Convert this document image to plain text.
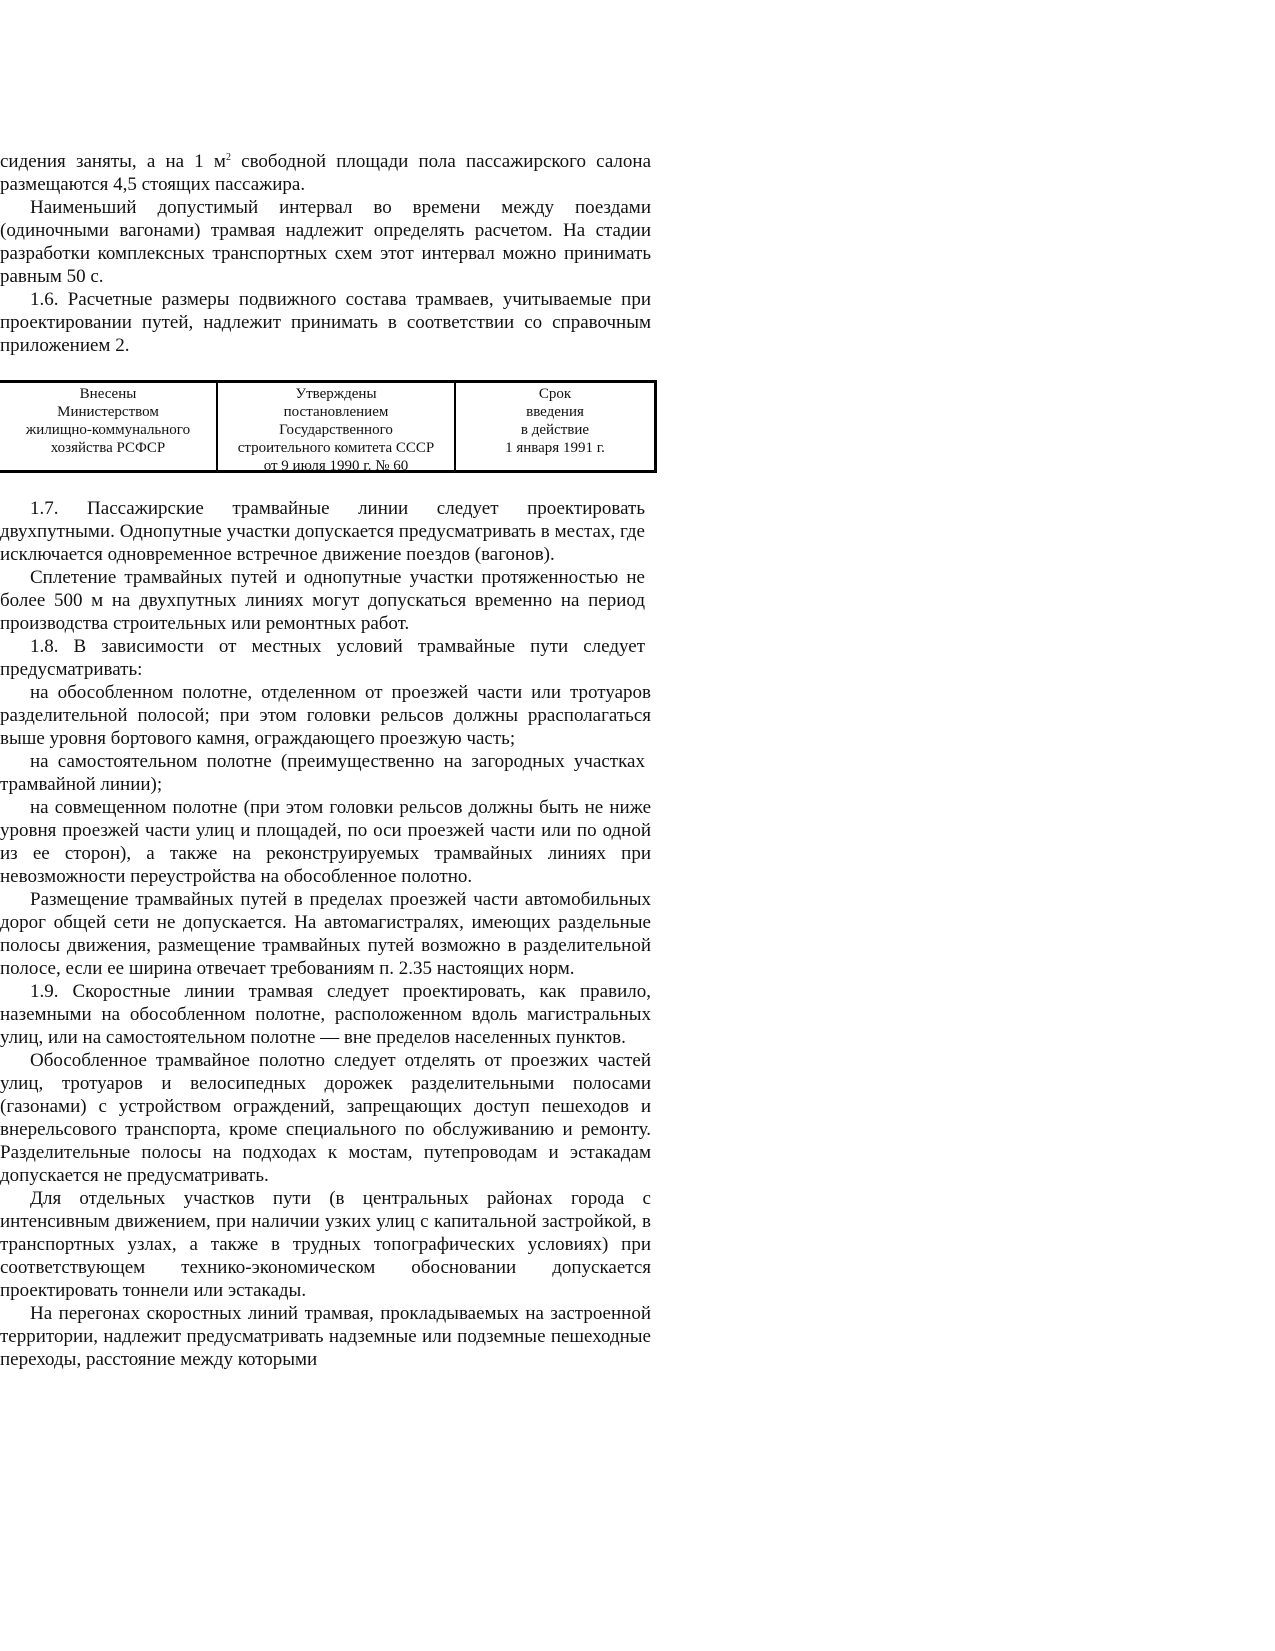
сидения заняты, а на 1 $м^2$ свободной площади пола пассажирского салона размещаются 4,5 стоящих пассажира.

Наименьший допустимый интервал во времени между поездами (одиночными вагонами) трамвая надлежит определять расчетом. На стадии разработки комплексных транспортных схем этот интервал можно принимать равным 50 с.

1.6. Расчетные размеры подвижного состава трамваев, учитываемые при проектировании путей, надлежит принимать в соответствии со справочным приложением 2.

Внесены
Министерством
жилищно-коммунального
хозяйства РСФСР
Утверждены
постановлением
Государственного
строительного комитета СССР
от 9 июля 1990 г. № 60
Срок
введения
в действие
1 января 1991 г.

1.7. Пассажирские трамвайные линии следует проектировать двухпутными. Однопутные участки допускается предусматривать в местах, где исключается одновременное встречное движение поездов (вагонов).

Сплетение трамвайных путей и однопутные участки протяженностью не более 500 м на двухпутных линиях могут допускаться временно на период производства строительных или ремонтных работ.

1.8. В зависимости от местных условий трамвайные пути следует предусматривать:

на обособленном полотне, отделенном от проезжей части или тротуаров разделительной полосой; при этом головки рельсов должны ррасполагаться выше уровня бортового камня, ограждающего проезжую часть;

на самостоятельном полотне (преимущественно на загородных участках трамвайной линии);

на совмещенном полотне (при этом головки рельсов должны быть не ниже уровня проезжей части улиц и площадей, по оси проезжей части или по одной из ее сторон), а также на реконструируемых трамвайных линиях при невозможности переустройства на обособленное полотно.

Размещение трамвайных путей в пределах проезжей части автомобильных дорог общей сети не допускается. На автомагистралях, имеющих раздельные полосы движения, размещение трамвайных путей возможно в разделительной полосе, если ее ширина отвечает требованиям п. 2.35 настоящих норм.

1.9. Скоростные линии трамвая следует проектировать, как правило, наземными на обособленном полотне, расположенном вдоль магистральных улиц, или на самостоятельном полотне — вне пределов населенных пунктов.

Обособленное трамвайное полотно следует отделять от проезжих частей улиц, тротуаров и велосипедных дорожек разделительными полосами (газонами) с устройством ограждений, запрещающих доступ пешеходов и внерельсового транспорта, кроме специального по обслуживанию и ремонту. Разделительные полосы на подходах к мостам, путепроводам и эстакадам допускается не предусматривать.

Для отдельных участков пути (в центральных районах города с интенсивным движением, при наличии узких улиц с капитальной застройкой, в транспортных узлах, а также в трудных топографических условиях) при соответствующем технико-экономическом обосновании допускается проектировать тоннели или эстакады.

На перегонах скоростных линий трамвая, прокладываемых на застроенной территории, надлежит предусматривать надземные или подземные пешеходные переходы, расстояние между которыми
